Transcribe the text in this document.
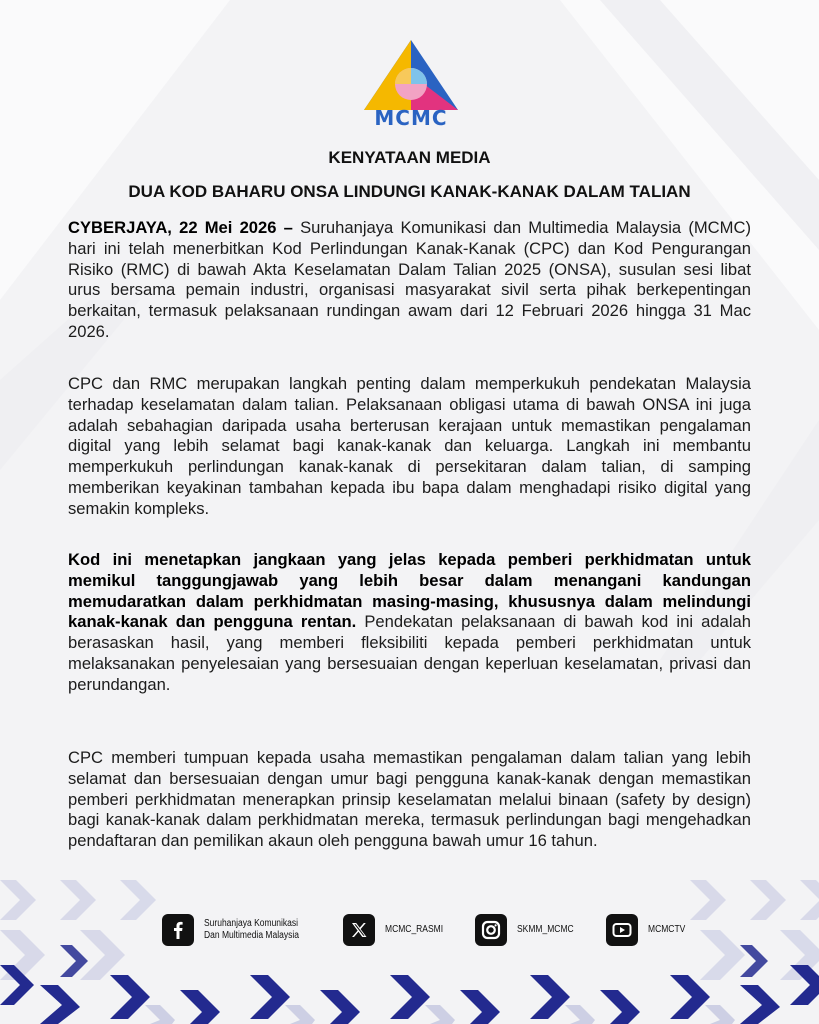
MCMC
KENYATAAN MEDIA
DUA KOD BAHARU ONSA LINDUNGI KANAK-KANAK DALAM TALIAN
CYBERJAYA, 22 Mei 2026 – Suruhanjaya Komunikasi dan Multimedia Malaysia (MCMC) hari ini telah menerbitkan Kod Perlindungan Kanak-Kanak (CPC) dan Kod Pengurangan Risiko (RMC) di bawah Akta Keselamatan Dalam Talian 2025 (ONSA), susulan sesi libat urus bersama pemain industri, organisasi masyarakat sivil serta pihak berkepentingan berkaitan, termasuk pelaksanaan rundingan awam dari 12 Februari 2026 hingga 31 Mac 2026.
CPC dan RMC merupakan langkah penting dalam memperkukuh pendekatan Malaysia terhadap keselamatan dalam talian. Pelaksanaan obligasi utama di bawah ONSA ini juga adalah sebahagian daripada usaha berterusan kerajaan untuk memastikan pengalaman digital yang lebih selamat bagi kanak-kanak dan keluarga. Langkah ini membantu memperkukuh perlindungan kanak-kanak di persekitaran dalam talian, di samping memberikan keyakinan tambahan kepada ibu bapa dalam menghadapi risiko digital yang semakin kompleks.
Kod ini menetapkan jangkaan yang jelas kepada pemberi perkhidmatan untuk memikul tanggungjawab yang lebih besar dalam menangani kandungan memudaratkan dalam perkhidmatan masing-masing, khususnya dalam melindungi kanak-kanak dan pengguna rentan. Pendekatan pelaksanaan di bawah kod ini adalah berasaskan hasil, yang memberi fleksibiliti kepada pemberi perkhidmatan untuk melaksanakan penyelesaian yang bersesuaian dengan keperluan keselamatan, privasi dan perundangan.
CPC memberi tumpuan kepada usaha memastikan pengalaman dalam talian yang lebih selamat dan bersesuaian dengan umur bagi pengguna kanak-kanak dengan memastikan pemberi perkhidmatan menerapkan prinsip keselamatan melalui binaan (safety by design) bagi kanak-kanak dalam perkhidmatan mereka, termasuk perlindungan bagi mengehadkan pendaftaran dan pemilikan akaun oleh pengguna bawah umur 16 tahun.
Suruhanjaya Komunikasi
Dan Multimedia Malaysia
MCMC_RASMI	SKMM_MCMC	MCMCTV
